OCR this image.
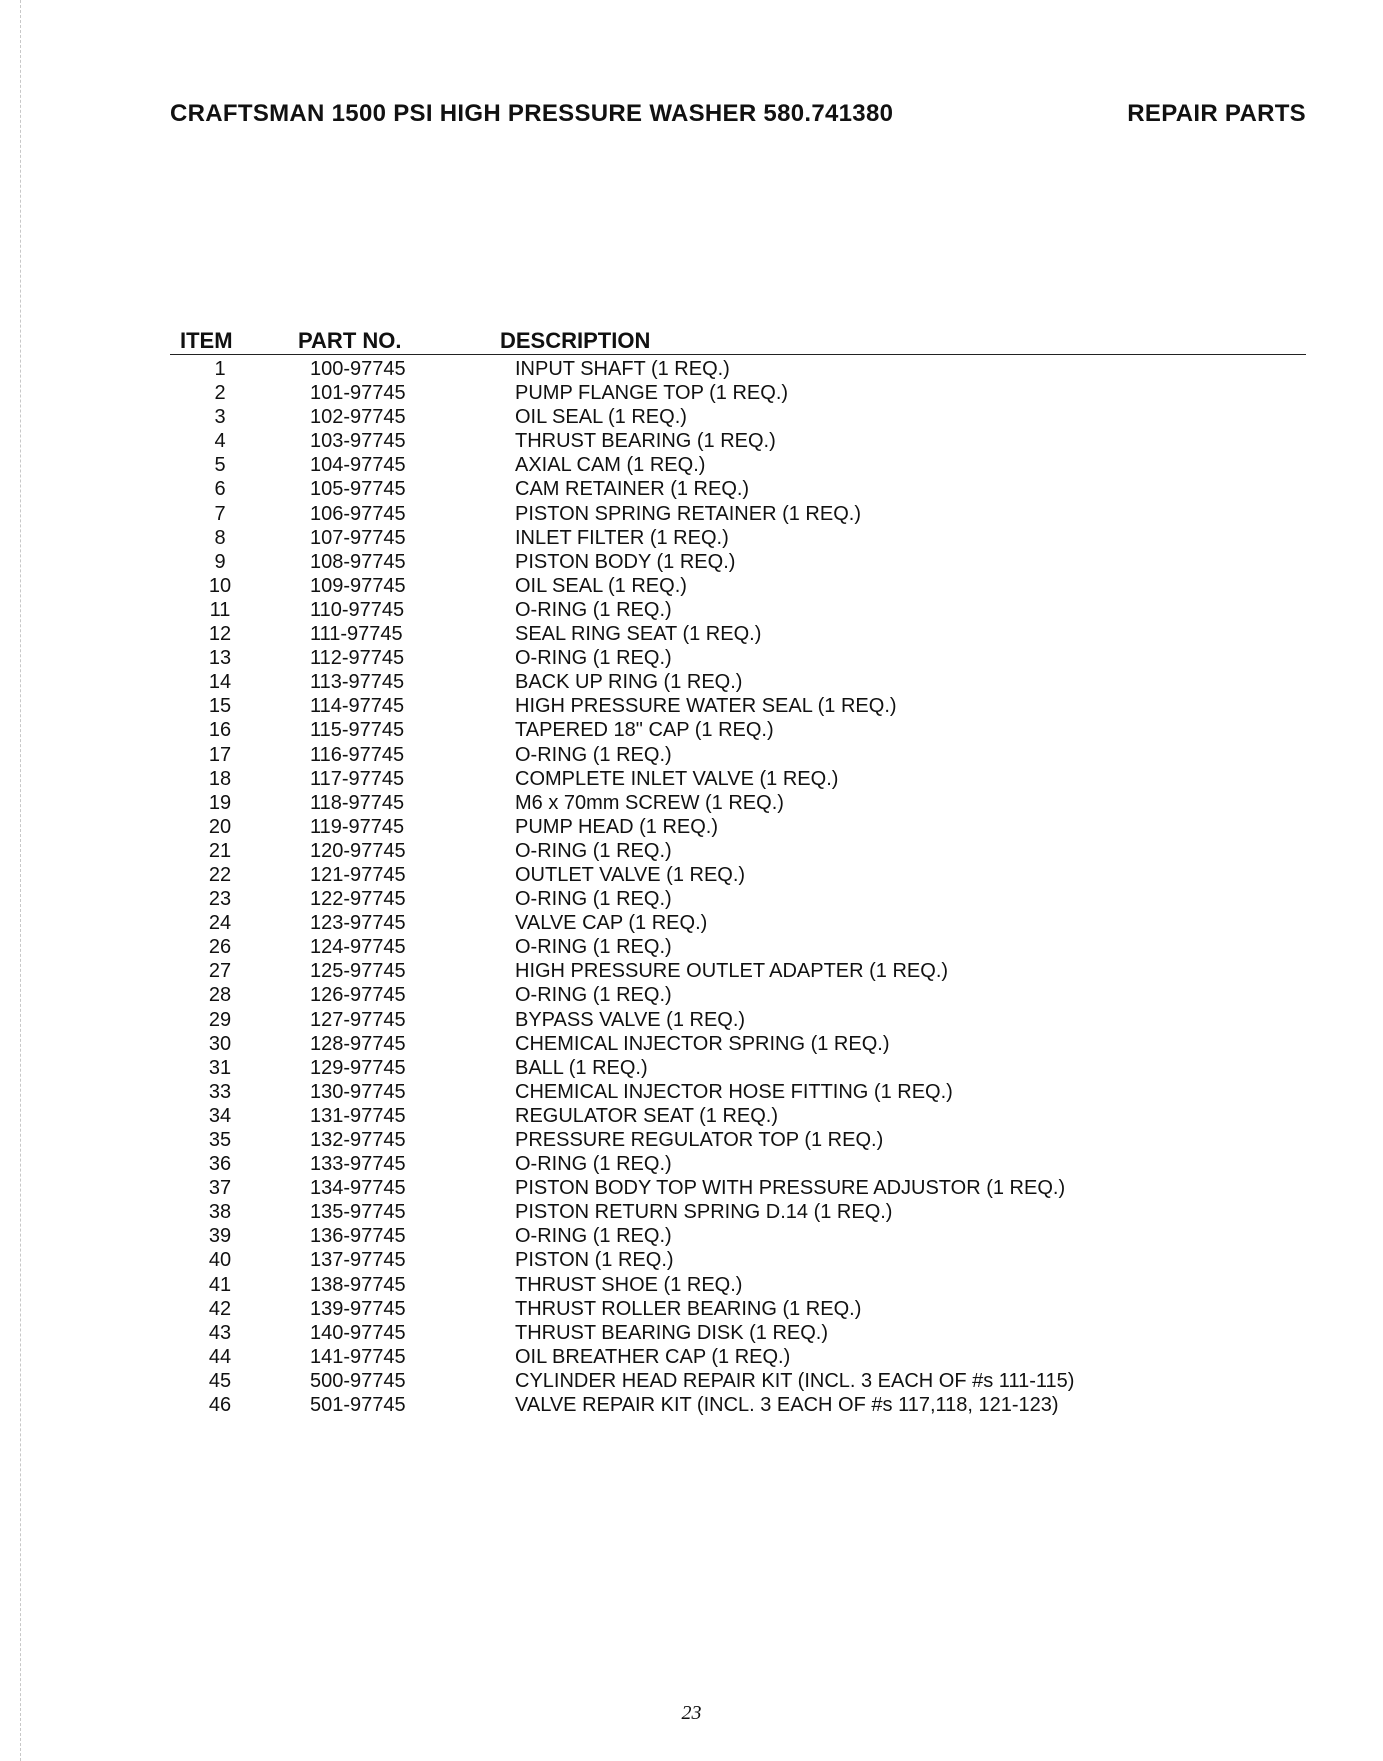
CRAFTSMAN 1500 PSI HIGH PRESSURE WASHER 580.741380	REPAIR PARTS
ITEM	PART NO.	DESCRIPTION
1	100-97745	INPUT SHAFT (1 REQ.)
2	101-97745	PUMP FLANGE TOP (1 REQ.)
3	102-97745	OIL SEAL (1 REQ.)
4	103-97745	THRUST BEARING (1 REQ.)
5	104-97745	AXIAL CAM (1 REQ.)
6	105-97745	CAM RETAINER (1 REQ.)
7	106-97745	PISTON SPRING RETAINER (1 REQ.)
8	107-97745	INLET FILTER (1 REQ.)
9	108-97745	PISTON BODY (1 REQ.)
10	109-97745	OIL SEAL (1 REQ.)
11	110-97745	O-RING (1 REQ.)
12	111-97745	SEAL RING SEAT (1 REQ.)
13	112-97745	O-RING (1 REQ.)
14	113-97745	BACK UP RING (1 REQ.)
15	114-97745	HIGH PRESSURE WATER SEAL (1 REQ.)
16	115-97745	TAPERED 18" CAP (1 REQ.)
17	116-97745	O-RING (1 REQ.)
18	117-97745	COMPLETE INLET VALVE (1 REQ.)
19	118-97745	M6 x 70mm SCREW (1 REQ.)
20	119-97745	PUMP HEAD (1 REQ.)
21	120-97745	O-RING (1 REQ.)
22	121-97745	OUTLET VALVE (1 REQ.)
23	122-97745	O-RING (1 REQ.)
24	123-97745	VALVE CAP (1 REQ.)
26	124-97745	O-RING (1 REQ.)
27	125-97745	HIGH PRESSURE OUTLET ADAPTER (1 REQ.)
28	126-97745	O-RING (1 REQ.)
29	127-97745	BYPASS VALVE (1 REQ.)
30	128-97745	CHEMICAL INJECTOR SPRING (1 REQ.)
31	129-97745	BALL (1 REQ.)
33	130-97745	CHEMICAL INJECTOR HOSE FITTING (1 REQ.)
34	131-97745	REGULATOR SEAT (1 REQ.)
35	132-97745	PRESSURE REGULATOR TOP (1 REQ.)
36	133-97745	O-RING (1 REQ.)
37	134-97745	PISTON BODY TOP WITH PRESSURE ADJUSTOR (1 REQ.)
38	135-97745	PISTON RETURN SPRING D.14 (1 REQ.)
39	136-97745	O-RING (1 REQ.)
40	137-97745	PISTON (1 REQ.)
41	138-97745	THRUST SHOE (1 REQ.)
42	139-97745	THRUST ROLLER BEARING (1 REQ.)
43	140-97745	THRUST BEARING DISK (1 REQ.)
44	141-97745	OIL BREATHER CAP (1 REQ.)
45	500-97745	CYLINDER HEAD REPAIR KIT (INCL. 3 EACH OF #s 111-115)
46	501-97745	VALVE REPAIR KIT (INCL. 3 EACH OF #s 117,118, 121-123)
23
